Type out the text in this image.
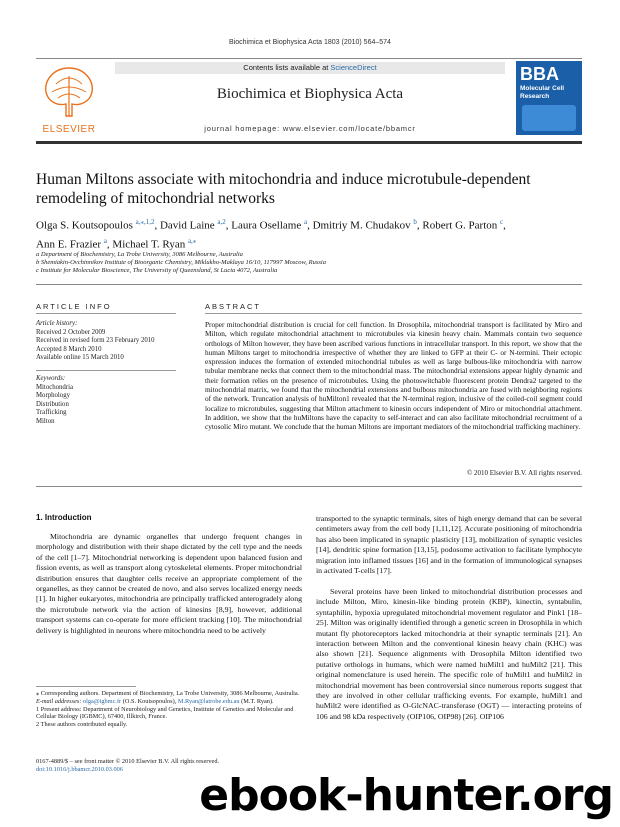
Biochimica et Biophysica Acta 1803 (2010) 564–574
ELSEVIER
Contents lists available at ScienceDirect
Biochimica et Biophysica Acta
journal homepage: www.elsevier.com/locate/bbamcr
BBA
Molecular Cell
Research
Human Miltons associate with mitochondria and induce microtubule-dependent remodeling of mitochondrial networks
Olga S. Koutsopoulos $^{a,⁎,1,2}$, David Laine $^{a,2}$, Laura Osellame $^a$, Dmitriy M. Chudakov $^b$, Robert G. Parton $^c$,
Ann E. Frazier $^a$, Michael T. Ryan $^{a,⁎}$
a Department of Biochemistry, La Trobe University, 3086 Melbourne, Australia
b Shemiakin-Ovchinnikov Institute of Bioorganic Chemistry, Miklukho-Maklaya 16/10, 117997 Moscow, Russia
c Institute for Molecular Bioscience, The University of Queensland, St Lucia 4072, Australia
ARTICLE INFO
Article history:
Received 2 October 2009
Received in revised form 23 February 2010
Accepted 8 March 2010
Available online 15 March 2010
Keywords:
Mitochondria
Morphology
Distribution
Trafficking
Milton
ABSTRACT
Proper mitochondrial distribution is crucial for cell function. In Drosophila, mitochondrial transport is facilitated by Miro and Milton, which regulate mitochondrial attachment to microtubules via kinesin heavy chain. Mammals contain two sequence orthologs of Milton however, they have been ascribed various functions in intracellular transport. In this report, we show that the human Miltons target to mitochondria irrespective of whether they are linked to GFP at their C- or N-termini. Their ectopic expression induces the formation of extended mitochondrial tubules as well as large bulbous-like mitochondria with narrow tubular membrane necks that connect them to the mitochondrial mass. The mitochondrial extensions appear highly dynamic and their formation relies on the presence of microtubules. Using the photoswitchable fluorescent protein Dendra2 targeted to the mitochondrial matrix, we found that the mitochondrial extensions and bulbous mitochondria are fused with neighboring regions of the network. Truncation analysis of huMilton1 revealed that the N-terminal region, inclusive of the coiled-coil segment could localize to microtubules, suggesting that Milton attachment to kinesin occurs independent of Miro or mitochondrial attachment. In addition, we show that the huMiltons have the capacity to self-interact and can also facilitate mitochondrial recruitment of a cytosolic Miro mutant. We conclude that the human Miltons are important mediators of the mitochondrial trafficking machinery.
© 2010 Elsevier B.V. All rights reserved.
1. Introduction
Mitochondria are dynamic organelles that undergo frequent changes in morphology and distribution with their shape dictated by the cell type and the needs of the cell [1–7]. Mitochondrial networking is dependent upon balanced fusion and fission events, as well as transport along cytoskeletal elements. Proper mitochondrial distribution ensures that daughter cells receive an appropriate complement of the organelles, as they cannot be created de novo, and also serves localized energy needs [1]. In higher eukaryotes, mitochondria are principally trafficked anterogradely along the microtubule network via the action of kinesins [8,9], however, additional transport systems can co-operate for more efficient tracking [10]. The mitochondrial delivery is highlighted in neurons where mitochondria need to be actively
transported to the synaptic terminals, sites of high energy demand that can be several centimeters away from the cell body [1,11,12]. Accurate positioning of mitochondria has also been implicated in synaptic plasticity [13], mobilization of synaptic vesicles [14], dendritic spine formation [13,15], podosome activation to facilitate lymphocyte migration into inflamed tissues [16] and in the formation of immunological synapses in activated T-cells [17].
Several proteins have been linked to mitochondrial distribution processes and include Milton, Miro, kinesin-like binding protein (KBP), kinectin, syntabulin, syntaphilin, hypoxia upregulated mitochondrial movement regulator and Pink1 [18–25]. Milton was originally identified through a genetic screen in Drosophila in which mutant fly photoreceptors lacked mitochondria at their synaptic terminals [21]. An interaction between Milton and the conventional kinesin heavy chain (KHC) was also shown [21]. Sequence alignments with Drosophila Milton identified two putative orthologs in humans, which were named huMilt1 and huMilt2 [21]. This original nomenclature is used herein. The specific role of huMilt1 and huMilt2 in mitochondrial movement has been controversial since numerous reports suggest that they are involved in other cellular trafficking events. For example, huMilt1 and huMilt2 were identified as O-GlcNAC-transferase (OGT) — interacting proteins of 106 and 98 kDa respectively (OIP106, OIP98) [26]. OIP106
⁎ Corresponding authors. Department of Biochemistry, La Trobe University, 3086 Melbourne, Australia.
E-mail addresses: olga@igbmc.fr (O.S. Koutsopoulos), M.Ryan@latrobe.edu.au (M.T. Ryan).
1 Present address: Department of Neurobiology and Genetics, Institute of Genetics and Molecular and Cellular Biology (IGBMC), 67400, Illkirch, France.
2 These authors contributed equally.
0167-4889/$ – see front matter © 2010 Elsevier B.V. All rights reserved.
doi:10.1016/j.bbamcr.2010.03.006
ebook-hunter.org
